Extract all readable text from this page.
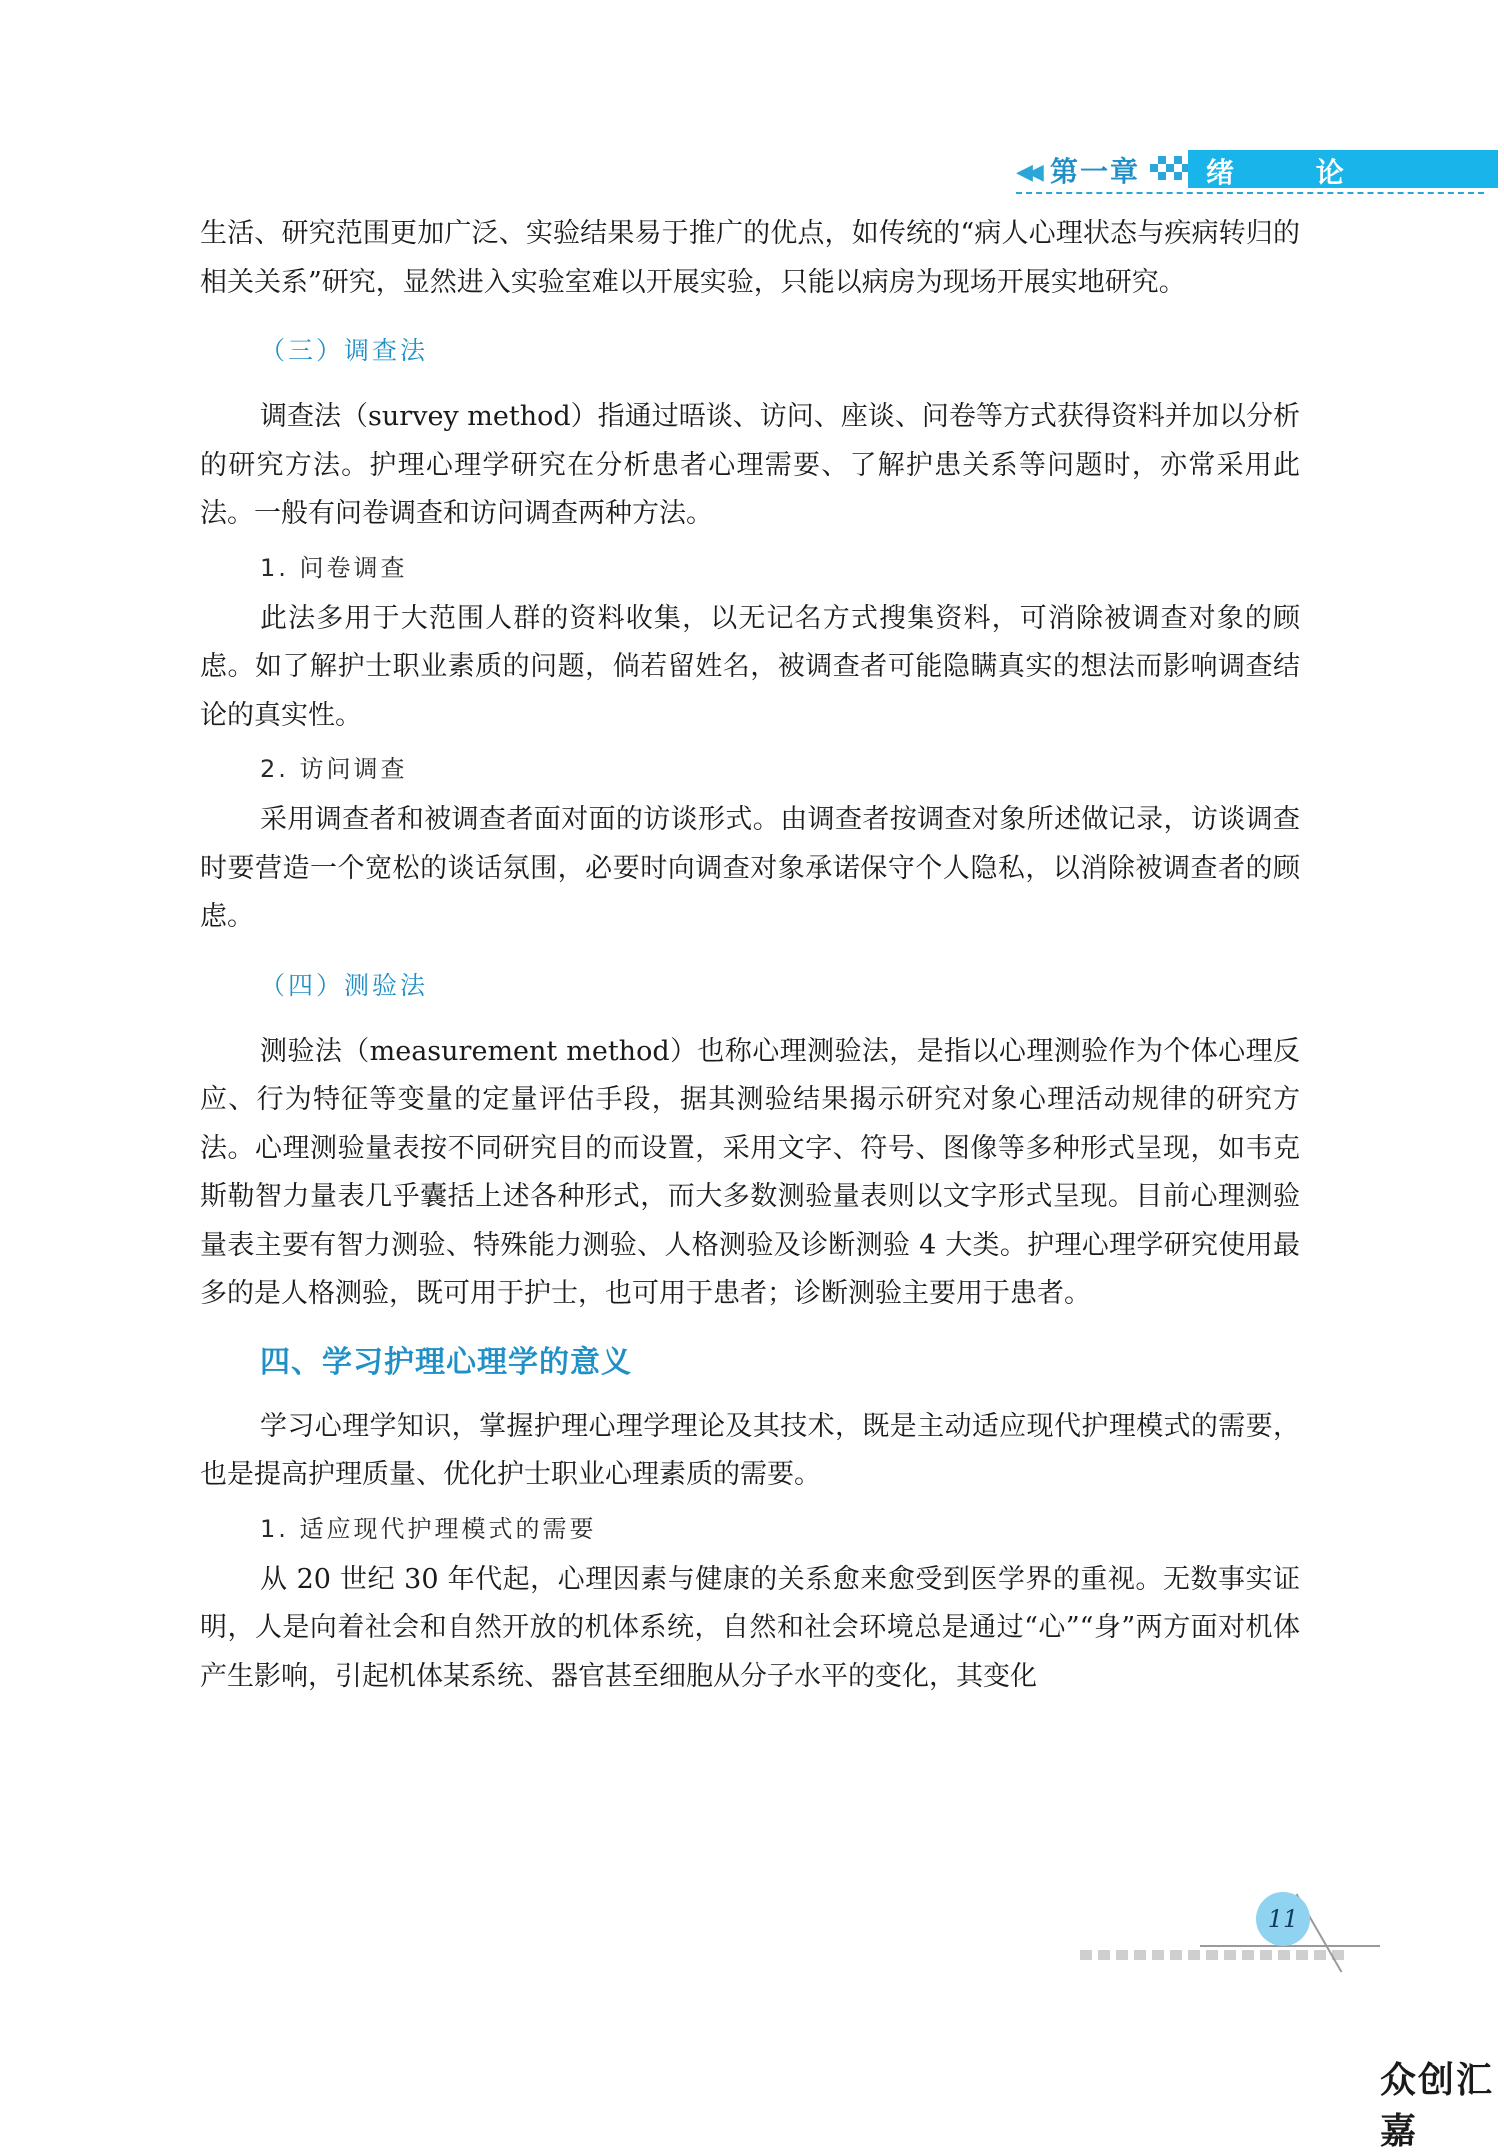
◀◀ 第一章 绪 论

生活、研究范围更加广泛、实验结果易于推广的优点，如传统的“病人心理状态与疾病转归的相关关系”研究，显然进入实验室难以开展实验，只能以病房为现场开展实地研究。

（三）调查法

调查法（survey method）指通过晤谈、访问、座谈、问卷等方式获得资料并加以分析的研究方法。护理心理学研究在分析患者心理需要、了解护患关系等问题时，亦常采用此法。一般有问卷调查和访问调查两种方法。

1. 问卷调查

此法多用于大范围人群的资料收集，以无记名方式搜集资料，可消除被调查对象的顾虑。如了解护士职业素质的问题，倘若留姓名，被调查者可能隐瞒真实的想法而影响调查结论的真实性。

2. 访问调查

采用调查者和被调查者面对面的访谈形式。由调查者按调查对象所述做记录，访谈调查时要营造一个宽松的谈话氛围，必要时向调查对象承诺保守个人隐私，以消除被调查者的顾虑。

（四）测验法

测验法（measurement method）也称心理测验法，是指以心理测验作为个体心理反应、行为特征等变量的定量评估手段，据其测验结果揭示研究对象心理活动规律的研究方法。心理测验量表按不同研究目的而设置，采用文字、符号、图像等多种形式呈现，如韦克斯勒智力量表几乎囊括上述各种形式，而大多数测验量表则以文字形式呈现。目前心理测验量表主要有智力测验、特殊能力测验、人格测验及诊断测验 4 大类。护理心理学研究使用最多的是人格测验，既可用于护士，也可用于患者；诊断测验主要用于患者。

四、学习护理心理学的意义

学习心理学知识，掌握护理心理学理论及其技术，既是主动适应现代护理模式的需要，也是提高护理质量、优化护士职业心理素质的需要。

1. 适应现代护理模式的需要

从 20 世纪 30 年代起，心理因素与健康的关系愈来愈受到医学界的重视。无数事实证明，人是向着社会和自然开放的机体系统，自然和社会环境总是通过“心”“身”两方面对机体产生影响，引起机体某系统、器官甚至细胞从分子水平的变化，其变化

11
众创汇嘉
